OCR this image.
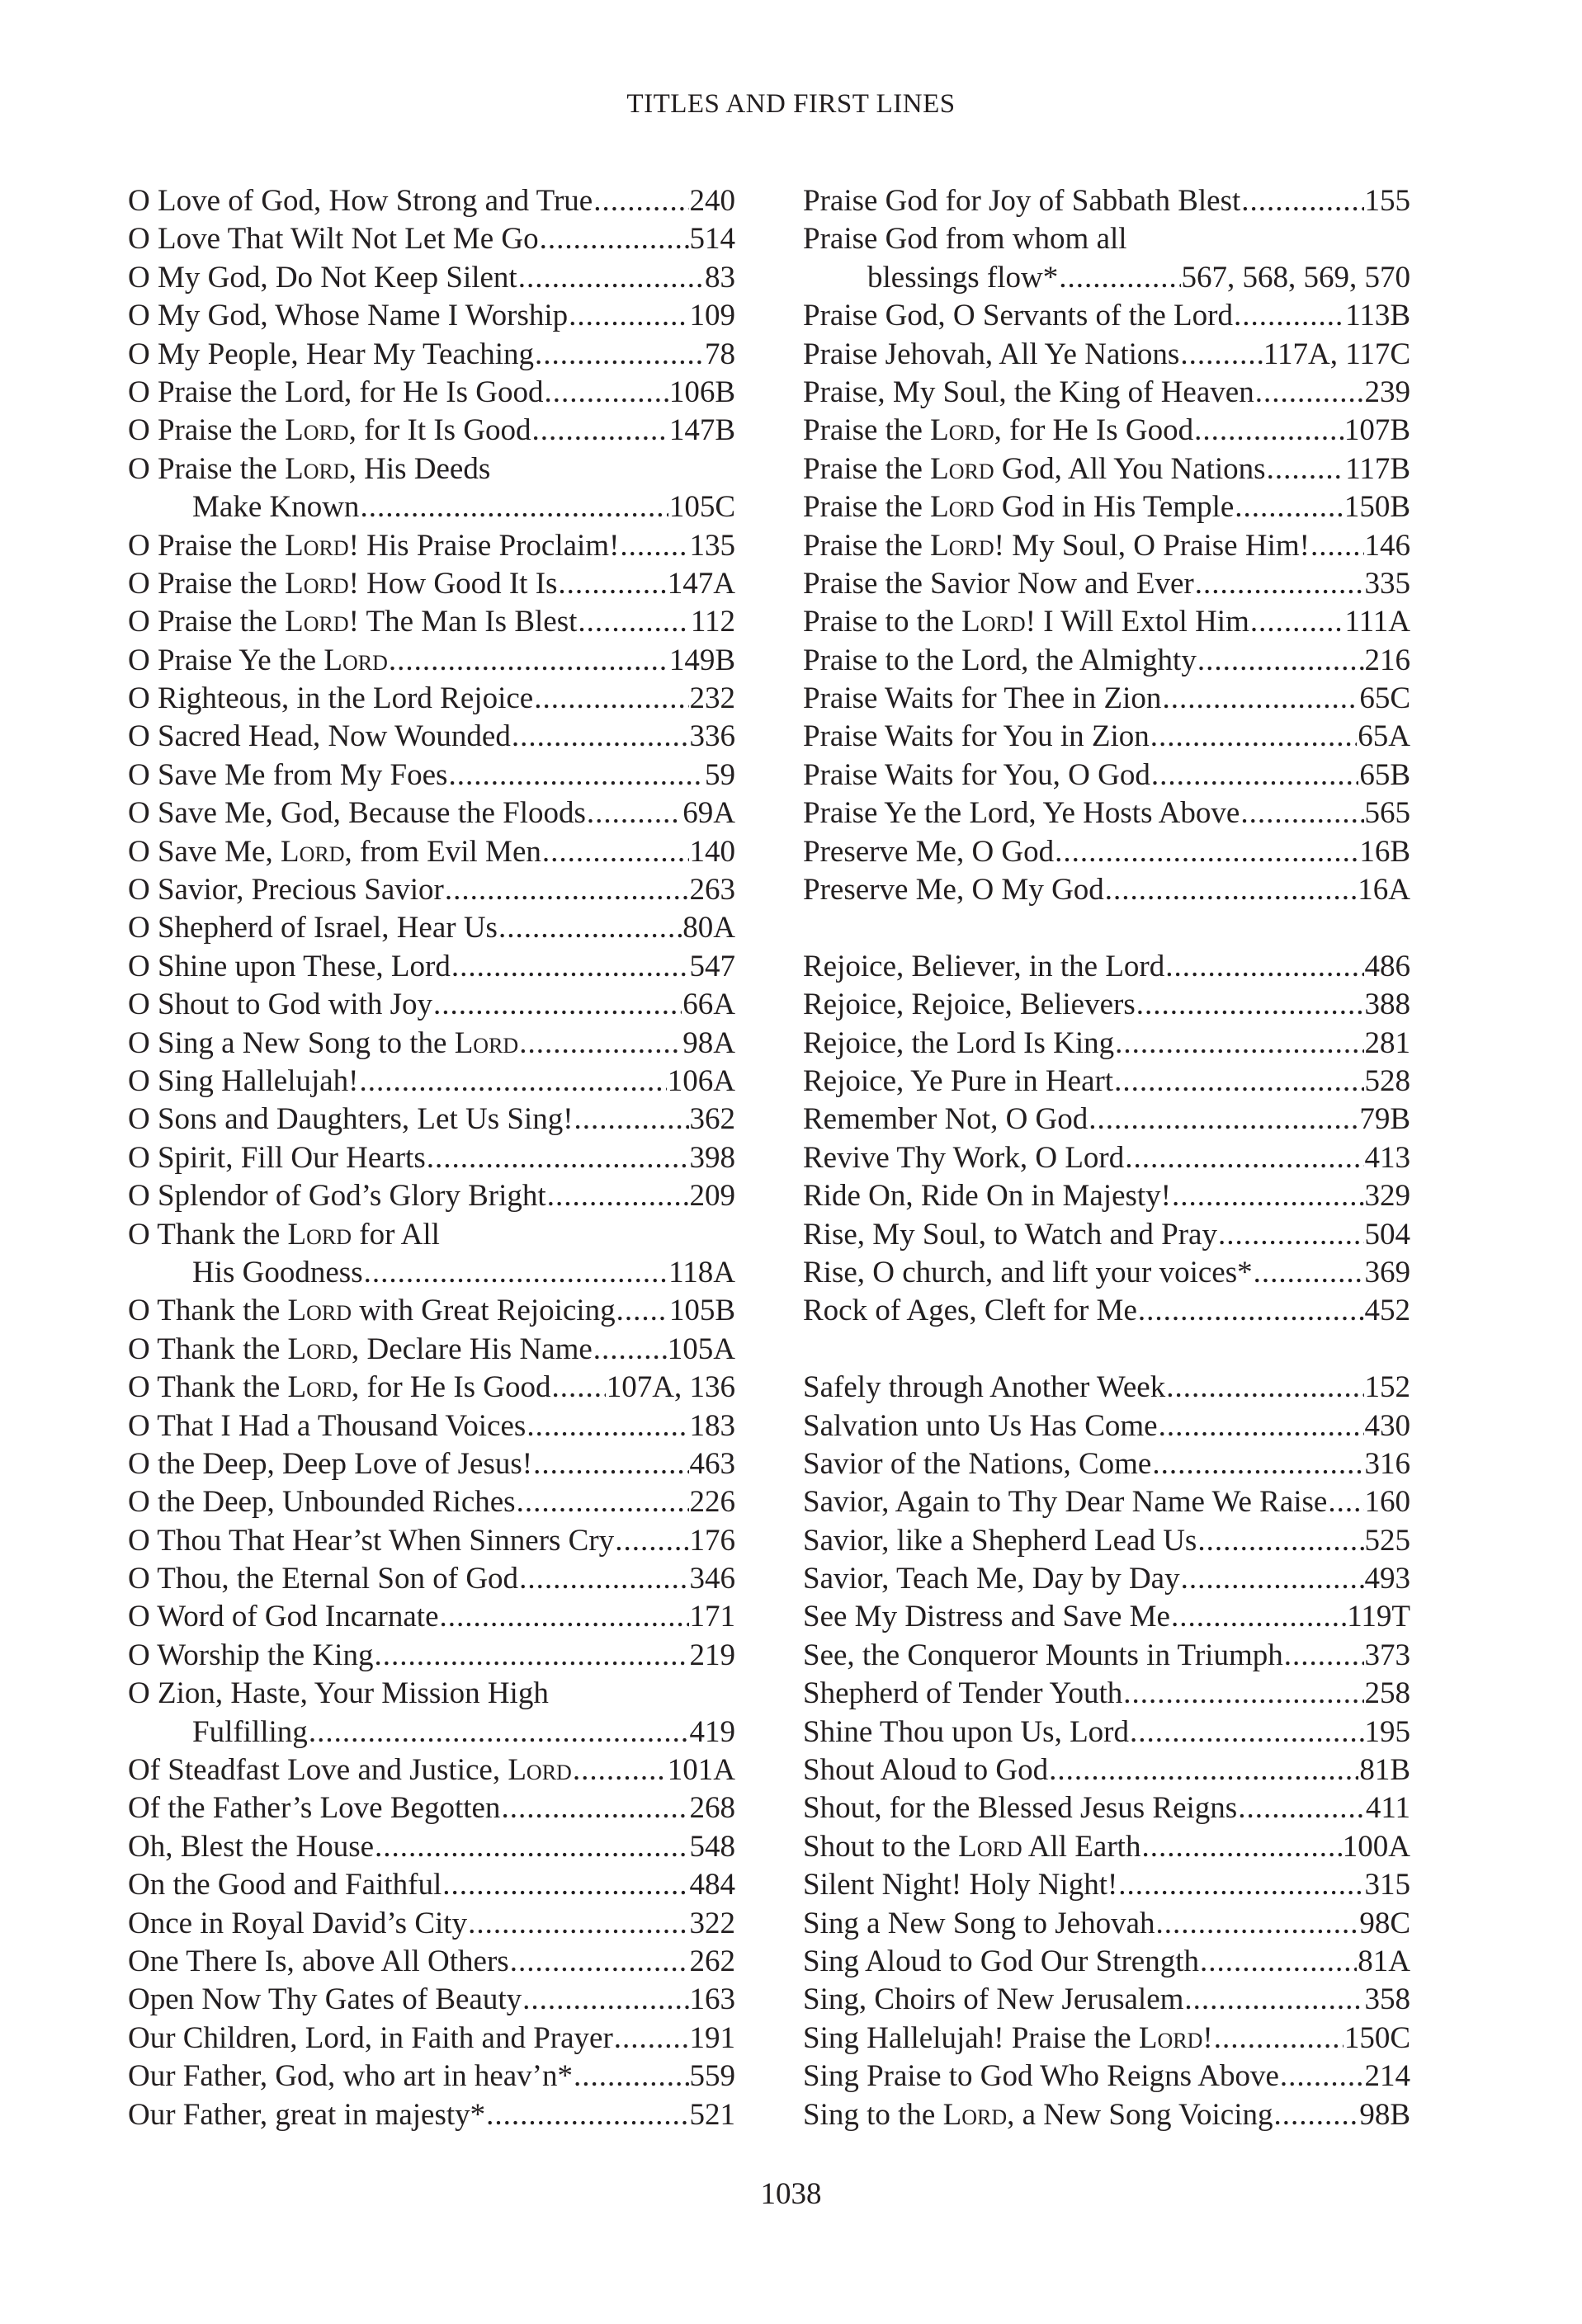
TITLES AND FIRST LINES
O Love of God, How Strong and True .....	240
O Love That Wilt Not Let Me Go .....	514
O My God, Do Not Keep Silent .....	83
O My God, Whose Name I Worship .....	109
O My People, Hear My Teaching .....	78
O Praise the Lord, for He Is Good .....	106B
O Praise the Lord, for It Is Good .....	147B
O Praise the Lord, His Deeds
Make Known .....	105C
O Praise the Lord! His Praise Proclaim! ..... 135
O Praise the Lord! How Good It Is .....	147A
O Praise the Lord! The Man Is Blest .....	112
O Praise Ye the Lord .....	149B
O Righteous, in the Lord Rejoice .....	232
O Sacred Head, Now Wounded .....	336
O Save Me from My Foes .....	59
O Save Me, God, Because the Floods .....	69A
O Save Me, Lord, from Evil Men .....	140
O Savior, Precious Savior .....	263
O Shepherd of Israel, Hear Us .....	80A
O Shine upon These, Lord .....	547
O Shout to God with Joy .....	66A
O Sing a New Song to the Lord .....	98A
O Sing Hallelujah! .....	106A
O Sons and Daughters, Let Us Sing! .....	362
O Spirit, Fill Our Hearts .....	398
O Splendor of God’s Glory Bright .....	209
O Thank the Lord for All
His Goodness .....	118A
O Thank the Lord with Great Rejoicing ..... 105B
O Thank the Lord, Declare His Name ..... 105A
O Thank the Lord, for He Is Good ..... 107A, 136
O That I Had a Thousand Voices .....	183
O the Deep, Deep Love of Jesus! .....	463
O the Deep, Unbounded Riches .....	226
O Thou That Hear’st When Sinners Cry ..... 176
O Thou, the Eternal Son of God .....	346
O Word of God Incarnate .....	171
O Worship the King .....	219
O Zion, Haste, Your Mission High
Fulfilling .....	419
Of Steadfast Love and Justice, Lord .....	101A
Of the Father’s Love Begotten .....	268
Oh, Blest the House .....	548
On the Good and Faithful .....	484
Once in Royal David’s City .....	322
One There Is, above All Others .....	262
Open Now Thy Gates of Beauty .....	163
Our Children, Lord, in Faith and Prayer .....	191
Our Father, God, who art in heav’n* .....	559
Our Father, great in majesty* .....	521
Praise God for Joy of Sabbath Blest .....	155
Praise God from whom all
blessings flow* .....	567, 568, 569, 570
Praise God, O Servants of the Lord .....	113B
Praise Jehovah, All Ye Nations .....	117A, 117C
Praise, My Soul, the King of Heaven .....	239
Praise the Lord, for He Is Good .....	107B
Praise the Lord God, All You Nations .....	117B
Praise the Lord God in His Temple .....	150B
Praise the Lord! My Soul, O Praise Him! ..... 146
Praise the Savior Now and Ever .....	335
Praise to the Lord! I Will Extol Him .....	111A
Praise to the Lord, the Almighty .....	216
Praise Waits for Thee in Zion .....	65C
Praise Waits for You in Zion .....	65A
Praise Waits for You, O God .....	65B
Praise Ye the Lord, Ye Hosts Above .....	565
Preserve Me, O God .....	16B
Preserve Me, O My God .....	16A
Rejoice, Believer, in the Lord .....	486
Rejoice, Rejoice, Believers .....	388
Rejoice, the Lord Is King .....	281
Rejoice, Ye Pure in Heart .....	528
Remember Not, O God .....	79B
Revive Thy Work, O Lord .....	413
Ride On, Ride On in Majesty! .....	329
Rise, My Soul, to Watch and Pray .....	504
Rise, O church, and lift your voices* .....	369
Rock of Ages, Cleft for Me .....	452
Safely through Another Week .....	152
Salvation unto Us Has Come .....	430
Savior of the Nations, Come .....	316
Savior, Again to Thy Dear Name We Raise ..... 160
Savior, like a Shepherd Lead Us .....	525
Savior, Teach Me, Day by Day .....	493
See My Distress and Save Me .....	119T
See, the Conqueror Mounts in Triumph .....	373
Shepherd of Tender Youth .....	258
Shine Thou upon Us, Lord .....	195
Shout Aloud to God .....	81B
Shout, for the Blessed Jesus Reigns .....	411
Shout to the Lord All Earth .....	100A
Silent Night! Holy Night! .....	315
Sing a New Song to Jehovah .....	98C
Sing Aloud to God Our Strength .....	81A
Sing, Choirs of New Jerusalem .....	358
Sing Hallelujah! Praise the Lord! .....	150C
Sing Praise to God Who Reigns Above .....	214
Sing to the Lord, a New Song Voicing .....	98B
1038
